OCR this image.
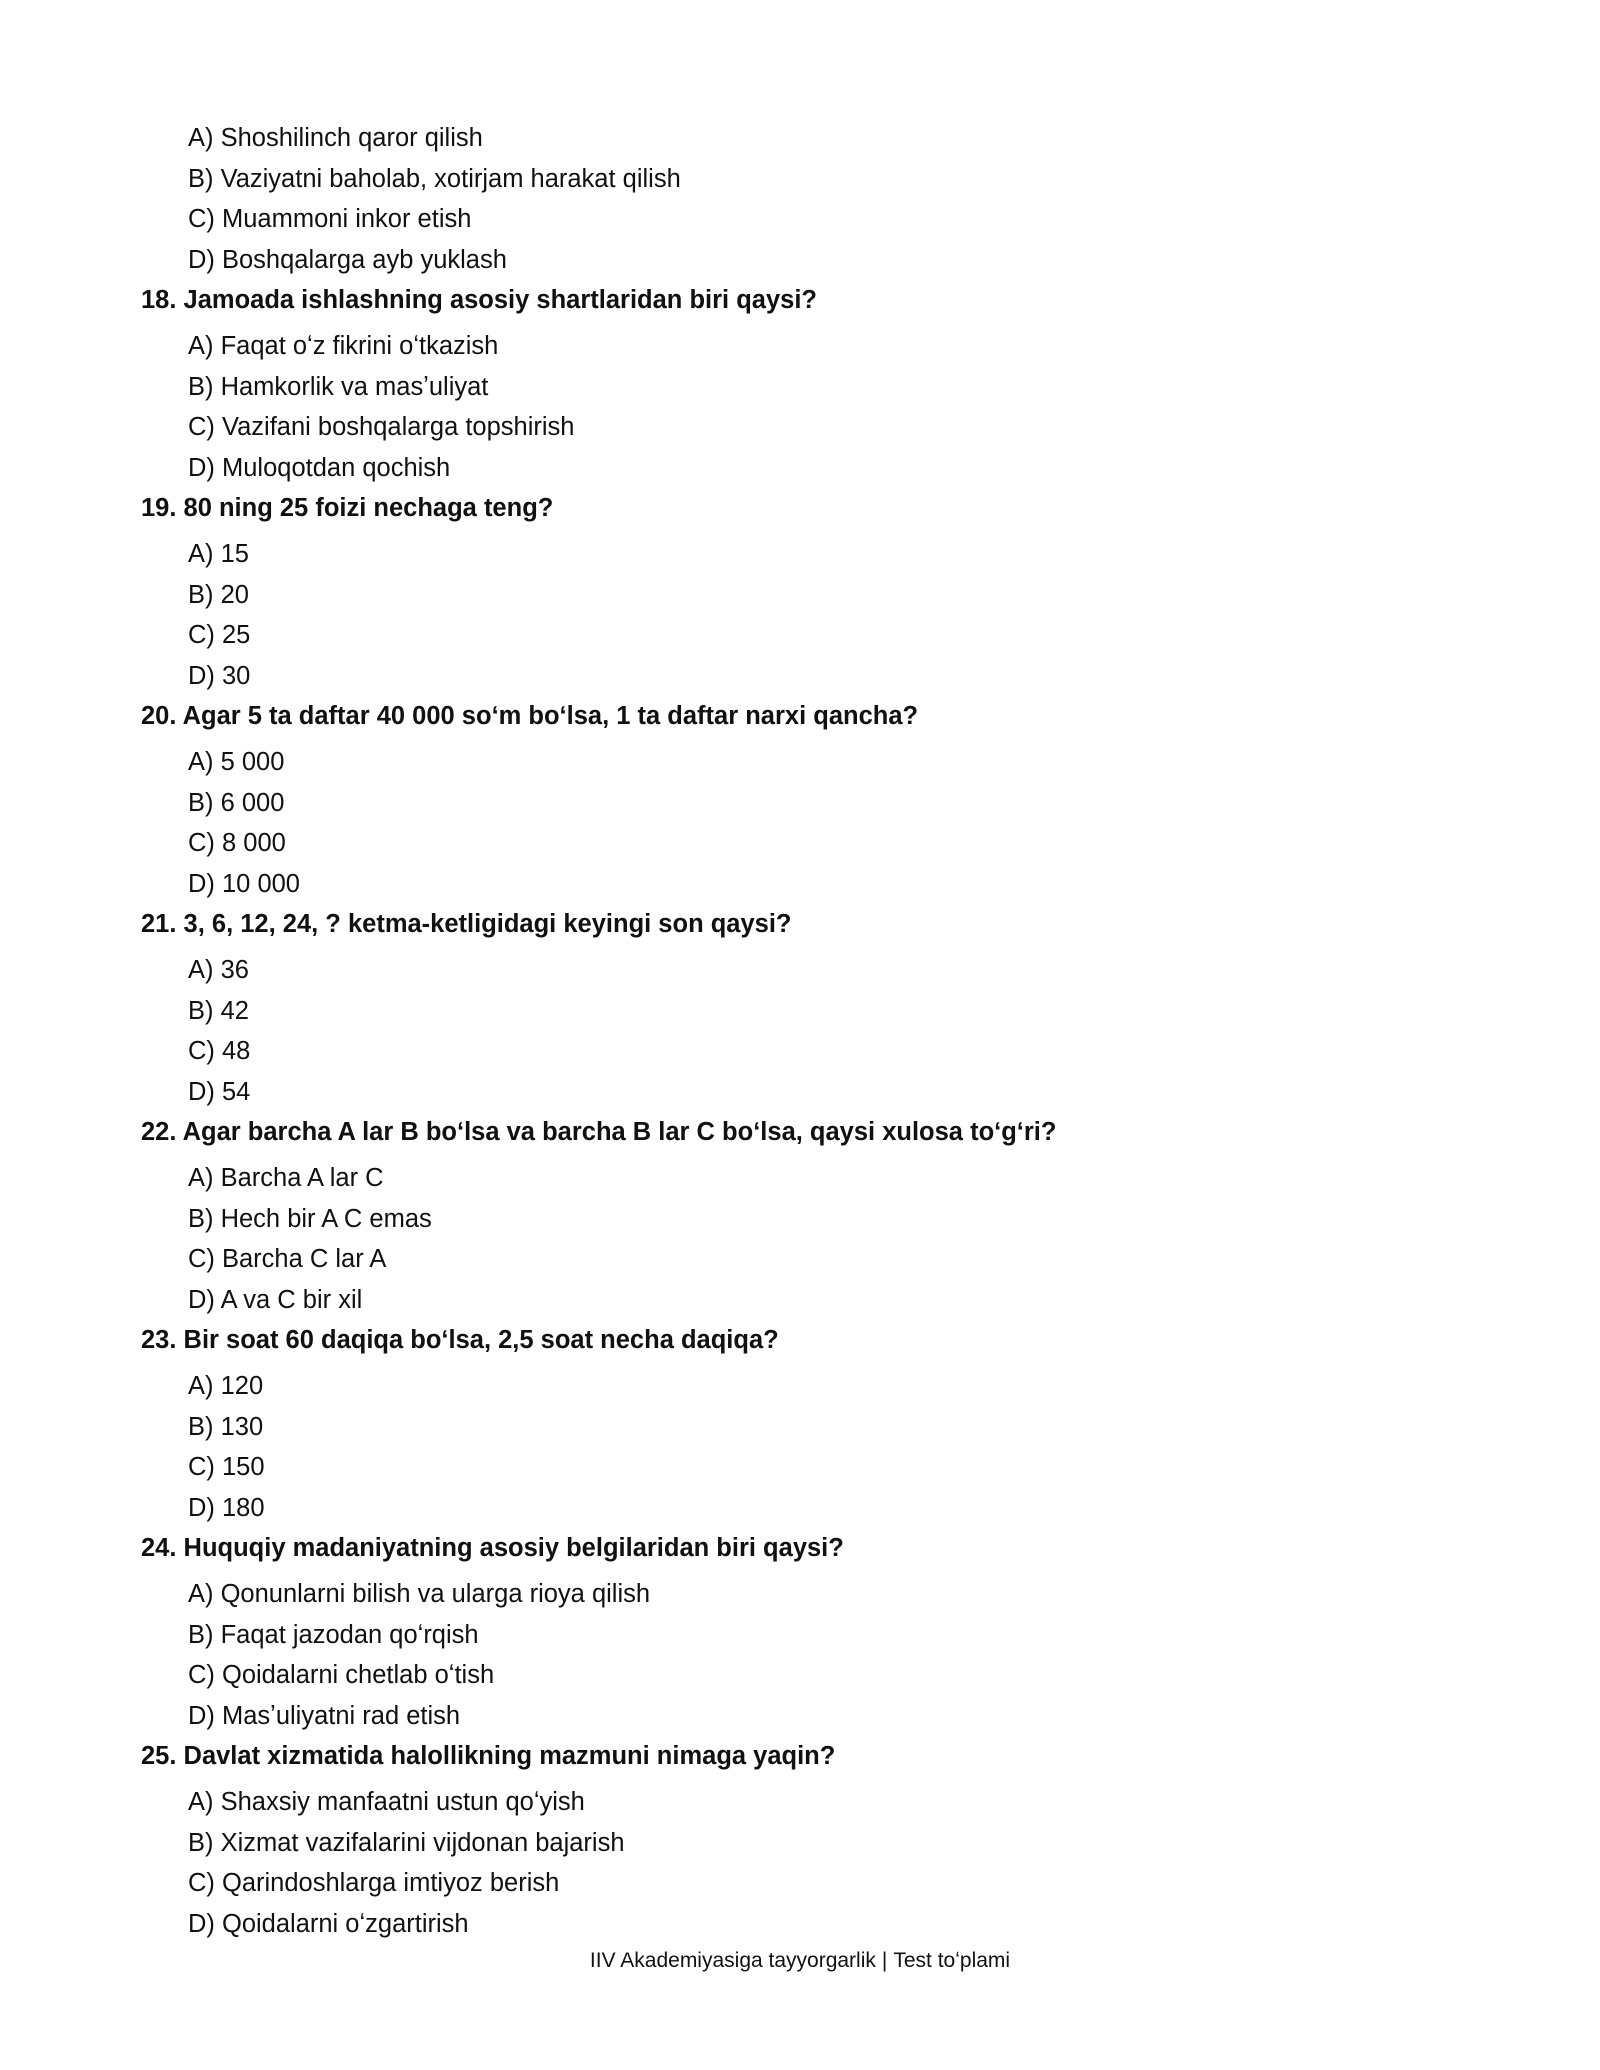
A) Shoshilinch qaror qilish
B) Vaziyatni baholab, xotirjam harakat qilish
C) Muammoni inkor etish
D) Boshqalarga ayb yuklash
18. Jamoada ishlashning asosiy shartlaridan biri qaysi?
A) Faqat oʻz fikrini oʻtkazish
B) Hamkorlik va masʼuliyat
C) Vazifani boshqalarga topshirish
D) Muloqotdan qochish
19. 80 ning 25 foizi nechaga teng?
A) 15
B) 20
C) 25
D) 30
20. Agar 5 ta daftar 40 000 soʻm boʻlsa, 1 ta daftar narxi qancha?
A) 5 000
B) 6 000
C) 8 000
D) 10 000
21. 3, 6, 12, 24, ? ketma-ketligidagi keyingi son qaysi?
A) 36
B) 42
C) 48
D) 54
22. Agar barcha A lar B boʻlsa va barcha B lar C boʻlsa, qaysi xulosa toʻgʻri?
A) Barcha A lar C
B) Hech bir A C emas
C) Barcha C lar A
D) A va C bir xil
23. Bir soat 60 daqiqa boʻlsa, 2,5 soat necha daqiqa?
A) 120
B) 130
C) 150
D) 180
24. Huquqiy madaniyatning asosiy belgilaridan biri qaysi?
A) Qonunlarni bilish va ularga rioya qilish
B) Faqat jazodan qoʻrqish
C) Qoidalarni chetlab oʻtish
D) Masʼuliyatni rad etish
25. Davlat xizmatida halollikning mazmuni nimaga yaqin?
A) Shaxsiy manfaatni ustun qoʻyish
B) Xizmat vazifalarini vijdonan bajarish
C) Qarindoshlarga imtiyoz berish
D) Qoidalarni oʻzgartirish
IIV Akademiyasiga tayyorgarlik | Test toʻplami
